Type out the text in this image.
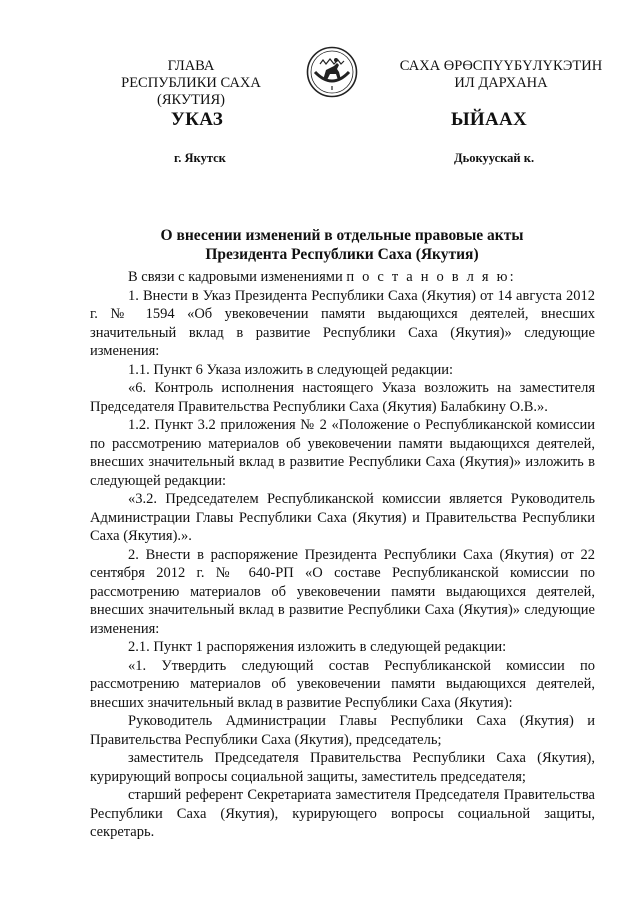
ГЛАВА
РЕСПУБЛИКИ САХА (ЯКУТИЯ)
САХА ӨРӨСПҮҮБҮЛҮКЭТИН
ИЛ ДАРХАНА
УКАЗ	ЫЙААХ
г. Якутск	Дьокуускай к.
О внесении изменений в отдельные правовые акты
Президента Республики Саха (Якутия)

В связи с кадровыми изменениями п о с т а н о в л я ю:

1. Внести в Указ Президента Республики Саха (Якутия) от 14 августа 2012 г. № 1594 «Об увековечении памяти выдающихся деятелей, внесших значительный вклад в развитие Республики Саха (Якутия)» следующие изменения:

1.1. Пункт 6 Указа изложить в следующей редакции:

«6. Контроль исполнения настоящего Указа возложить на заместителя Председателя Правительства Республики Саха (Якутия) Балабкину О.В.».

1.2. Пункт 3.2 приложения № 2 «Положение о Республиканской комиссии по рассмотрению материалов об увековечении памяти выдающихся деятелей, внесших значительный вклад в развитие Республики Саха (Якутия)» изложить в следующей редакции:

«3.2. Председателем Республиканской комиссии является Руководитель Администрации Главы Республики Саха (Якутия) и Правительства Республики Саха (Якутия).».

2. Внести в распоряжение Президента Республики Саха (Якутия) от 22 сентября 2012 г. № 640-РП «О составе Республиканской комиссии по рассмотрению материалов об увековечении памяти выдающихся деятелей, внесших значительный вклад в развитие Республики Саха (Якутия)» следующие изменения:

2.1. Пункт 1 распоряжения изложить в следующей редакции:

«1. Утвердить следующий состав Республиканской комиссии по рассмотрению материалов об увековечении памяти выдающихся деятелей, внесших значительный вклад в развитие Республики Саха (Якутия):

Руководитель Администрации Главы Республики Саха (Якутия) и Правительства Республики Саха (Якутия), председатель;

заместитель Председателя Правительства Республики Саха (Якутия), курирующий вопросы социальной защиты, заместитель председателя;

старший референт Секретариата заместителя Председателя Правительства Республики Саха (Якутия), курирующего вопросы социальной защиты, секретарь.
